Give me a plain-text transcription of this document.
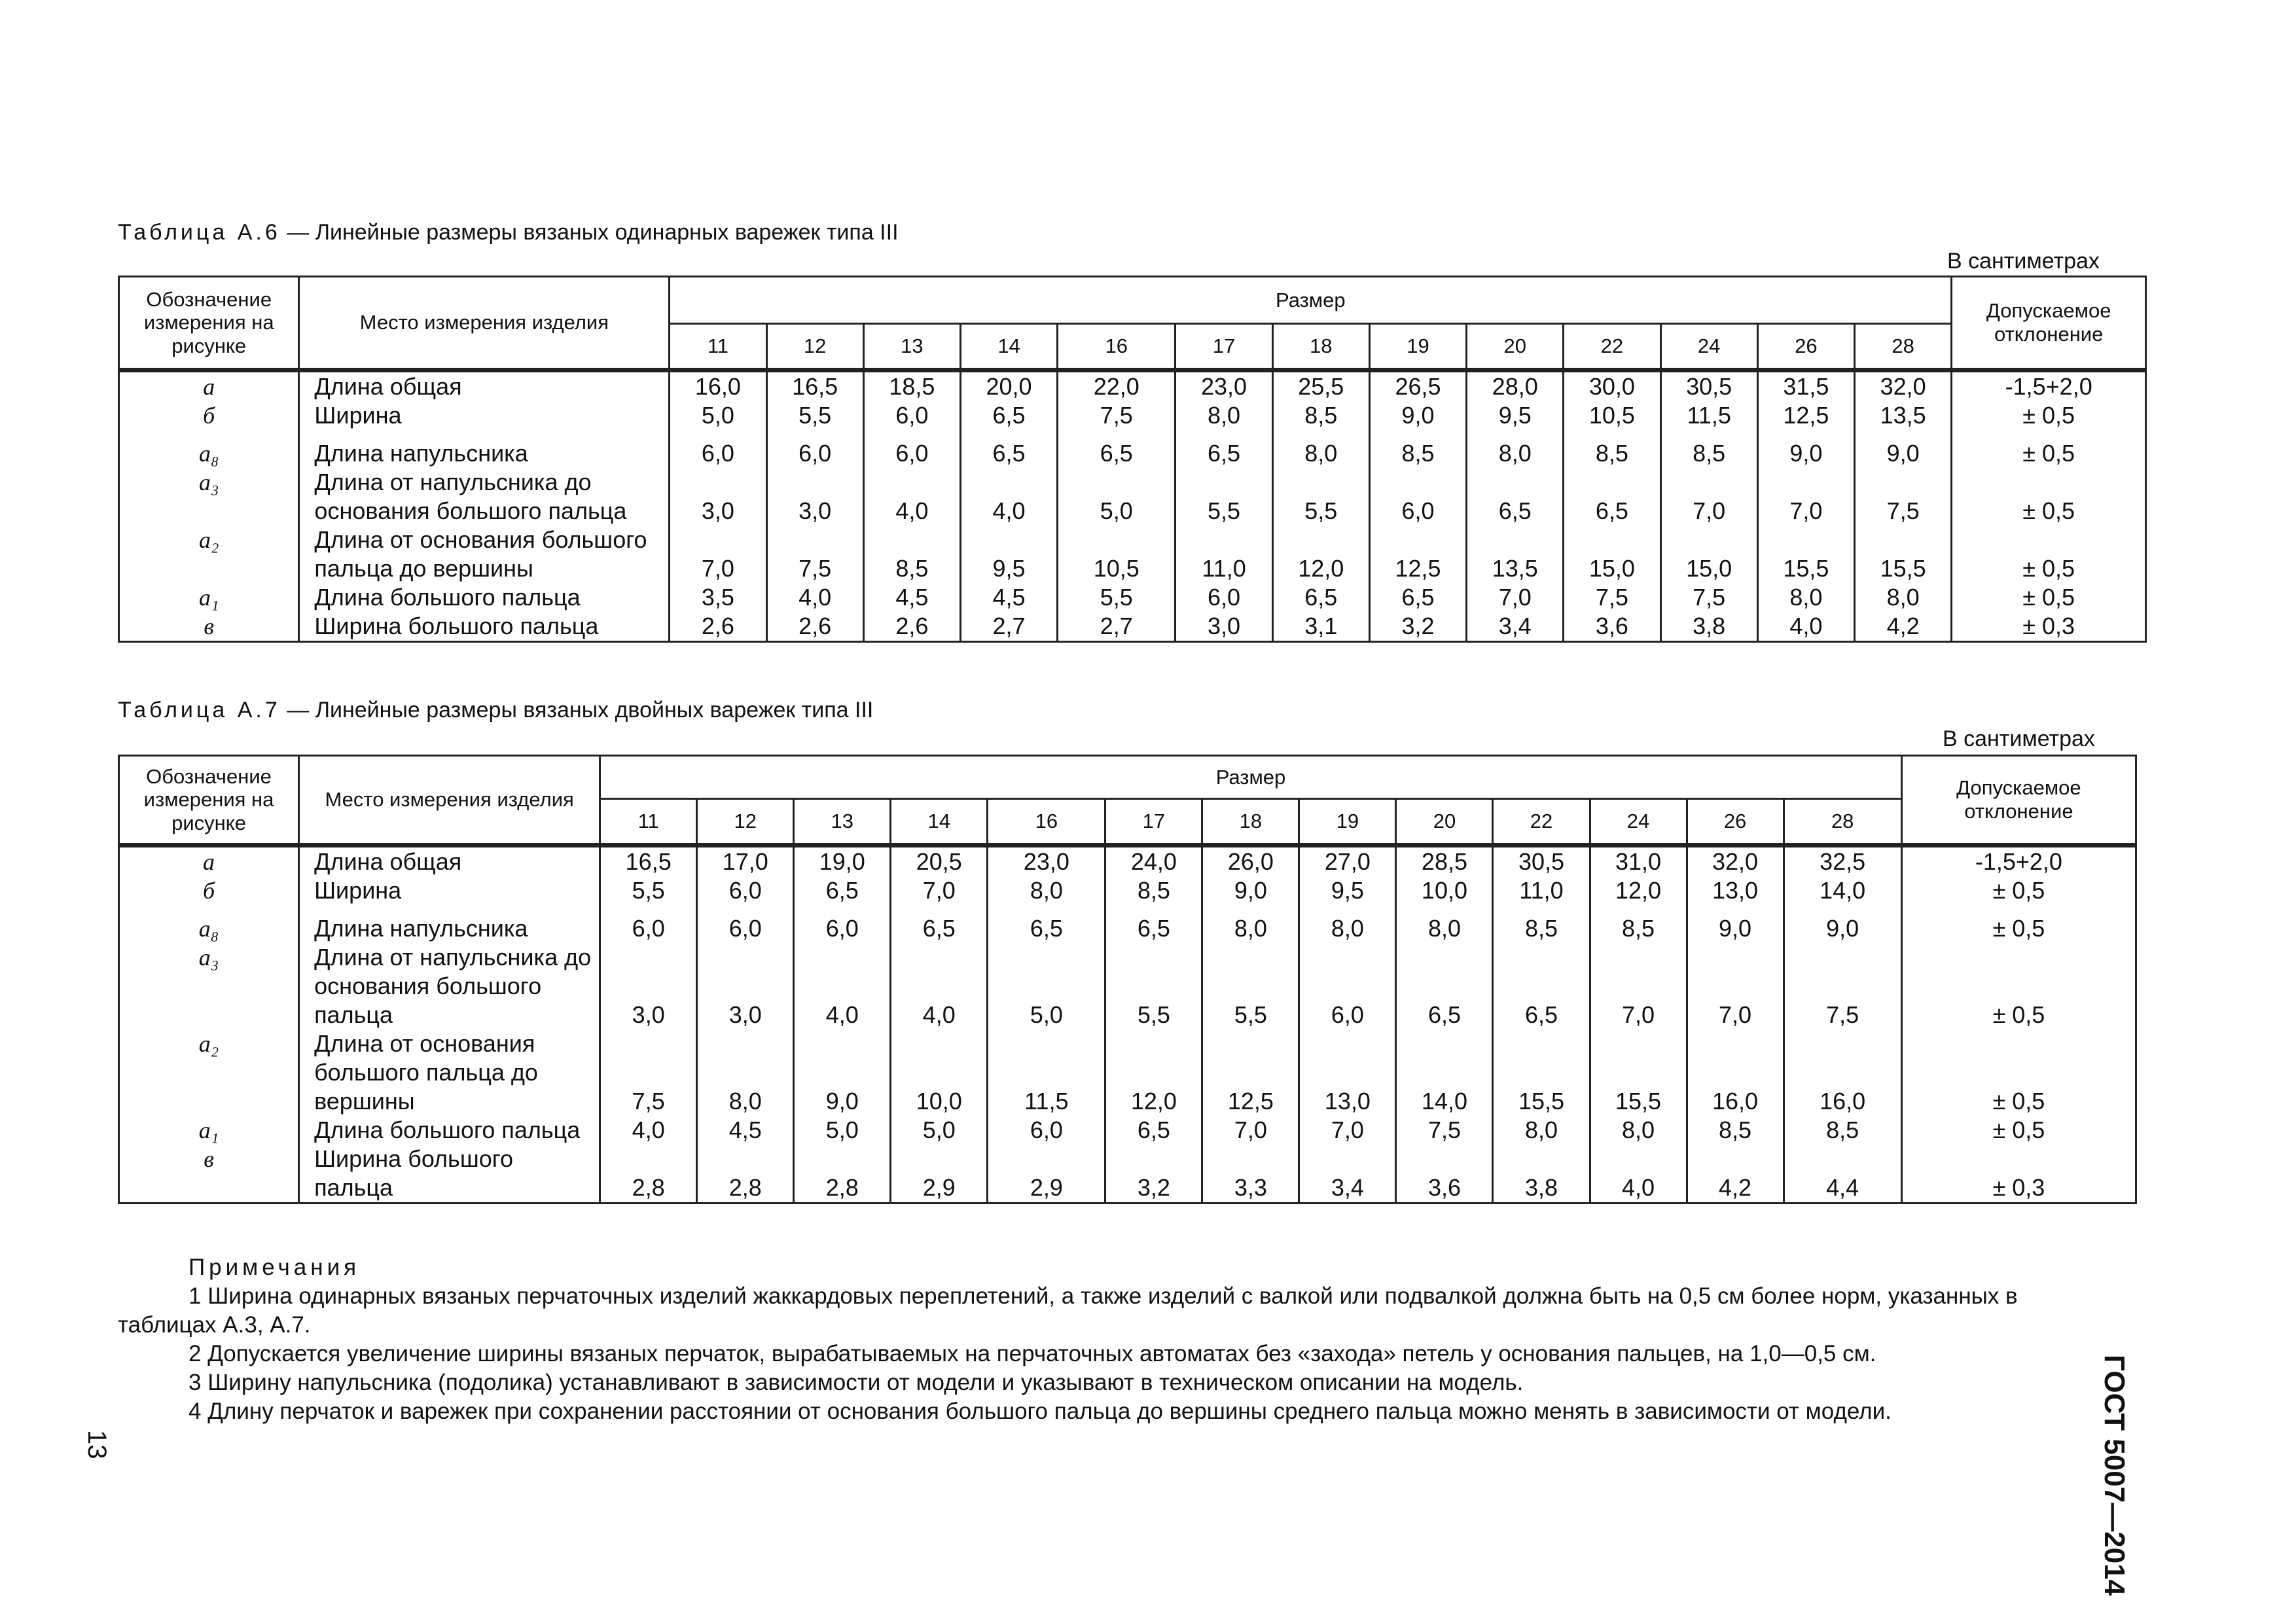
Таблица А.6 — Линейные размеры вязаных одинарных варежек типа III
В сантиметрах
Обозначение измерения на рисунке	Место измерения изделия	Размер													Допускаемое отклонение
		11	12	13	14	16	17	18	19	20	22	24	26	28	
а	Длина общая	16,0	16,5	18,5	20,0	22,0	23,0	25,5	26,5	28,0	30,0	30,5	31,5	32,0	-1,5+2,0
б	Ширина	5,0	5,5	6,0	6,5	7,5	8,0	8,5	9,0	9,5	10,5	11,5	12,5	13,5	± 0,5
а₈	Длина напульсника	6,0	6,0	6,0	6,5	6,5	6,5	8,0	8,5	8,0	8,5	8,5	9,0	9,0	± 0,5
а₃	Длина от напульсника до основания большого пальца	3,0	3,0	4,0	4,0	5,0	5,5	5,5	6,0	6,5	6,5	7,0	7,0	7,5	± 0,5
а₂	Длина от основания большого пальца до вершины	7,0	7,5	8,5	9,5	10,5	11,0	12,0	12,5	13,5	15,0	15,0	15,5	15,5	± 0,5
а₁	Длина большого пальца	3,5	4,0	4,5	4,5	5,5	6,0	6,5	6,5	7,0	7,5	7,5	8,0	8,0	± 0,5
в	Ширина большого пальца	2,6	2,6	2,6	2,7	2,7	3,0	3,1	3,2	3,4	3,6	3,8	4,0	4,2	± 0,3
Таблица А.7 — Линейные размеры вязаных двойных варежек типа III
В сантиметрах
Обозначение измерения на рисунке	Место измерения изделия	Размер													Допускаемое отклонение
		11	12	13	14	16	17	18	19	20	22	24	26	28	
а	Длина общая	16,5	17,0	19,0	20,5	23,0	24,0	26,0	27,0	28,5	30,5	31,0	32,0	32,5	-1,5+2,0
б	Ширина	5,5	6,0	6,5	7,0	8,0	8,5	9,0	9,5	10,0	11,0	12,0	13,0	14,0	± 0,5
а₈	Длина напульсника	6,0	6,0	6,0	6,5	6,5	6,5	8,0	8,0	8,0	8,5	8,5	9,0	9,0	± 0,5
а₃	Длина от напульсника до основания большого пальца	3,0	3,0	4,0	4,0	5,0	5,5	5,5	6,0	6,5	6,5	7,0	7,0	7,5	± 0,5
а₂	Длина от основания большого пальца до вершины	7,5	8,0	9,0	10,0	11,5	12,0	12,5	13,0	14,0	15,5	15,5	16,0	16,0	± 0,5
а₁	Длина большого пальца	4,0	4,5	5,0	5,0	6,0	6,5	7,0	7,0	7,5	8,0	8,0	8,5	8,5	± 0,5
в	Ширина большого пальца	2,8	2,8	2,8	2,9	2,9	3,2	3,3	3,4	3,6	3,8	4,0	4,2	4,4	± 0,3
Примечания

1 Ширина одинарных вязаных перчаточных изделий жаккардовых переплетений, а также изделий с валкой или подвалкой должна быть на 0,5 см более норм, указанных в таблицах А.3, А.7.

2 Допускается увеличение ширины вязаных перчаток, вырабатываемых на перчаточных автоматах без «захода» петель у основания пальцев, на 1,0—0,5 см.

3 Ширину напульсника (подолика) устанавливают в зависимости от модели и указывают в техническом описании на модель.

4 Длину перчаток и варежек при сохранении расстоянии от основания большого пальца до вершины среднего пальца можно менять в зависимости от модели.	ГОСТ 5007—2014
13
